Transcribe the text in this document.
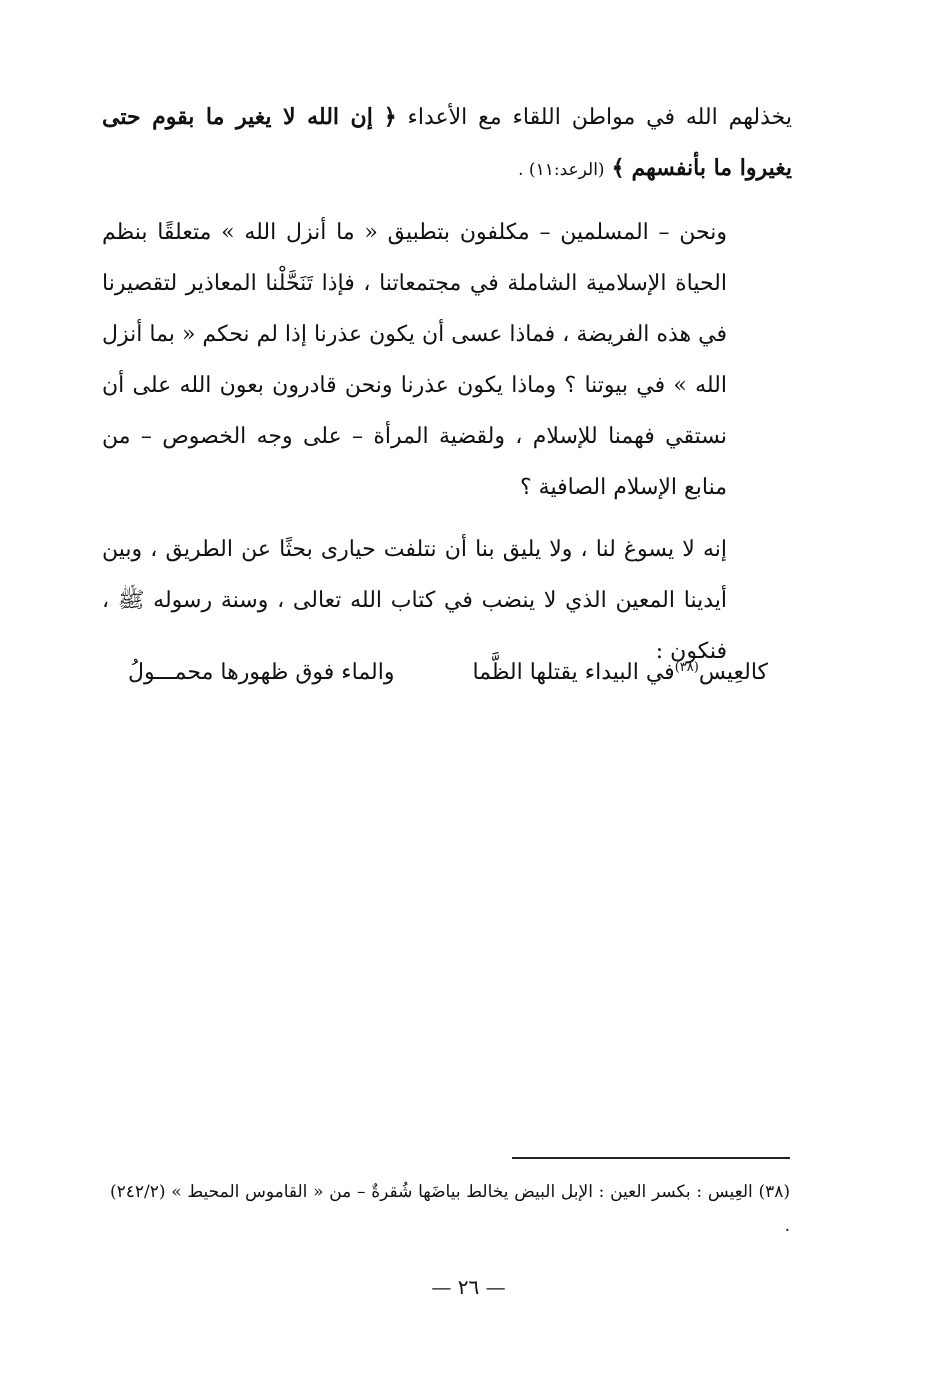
يخذلهم الله في مواطن اللقاء مع الأعداء ﴿ إن الله لا يغير ما بقوم حتى يغيروا ما بأنفسهم ﴾ (الرعد:١١) .

ونحن – المسلمين – مكلفون بتطبيق « ما أنزل الله » متعلقًا بنظم الحياة الإسلامية الشاملة في مجتمعاتنا ، فإذا تَنَحَّلْنا المعاذير لتقصيرنا في هذه الفريضة ، فماذا عسى أن يكون عذرنا إذا لم نحكم « بما أنزل الله » في بيوتنا ؟ وماذا يكون عذرنا ونحن قادرون بعون الله على أن نستقي فهمنا للإسلام ، ولقضية المرأة – على وجه الخصوص – من منابع الإسلام الصافية ؟

إنه لا يسوغ لنا ، ولا يليق بنا أن نتلفت حيارى بحثًا عن الطريق ، وبين أيدينا المعين الذي لا ينضب في كتاب الله تعالى ، وسنة رسوله ﷺ ، فنكون :

كالعِيس$^{(٣٨)}$في البيداء يقتلها الظَّما
والماء فوق ظهورها محمـــولُ
(٣٨) العِيس : بكسر العين : الإبل البيض يخالط بياضَها شُقرةٌ – من « القاموس المحيط » (٢٤٢/٢) .
— ٢٦ —
